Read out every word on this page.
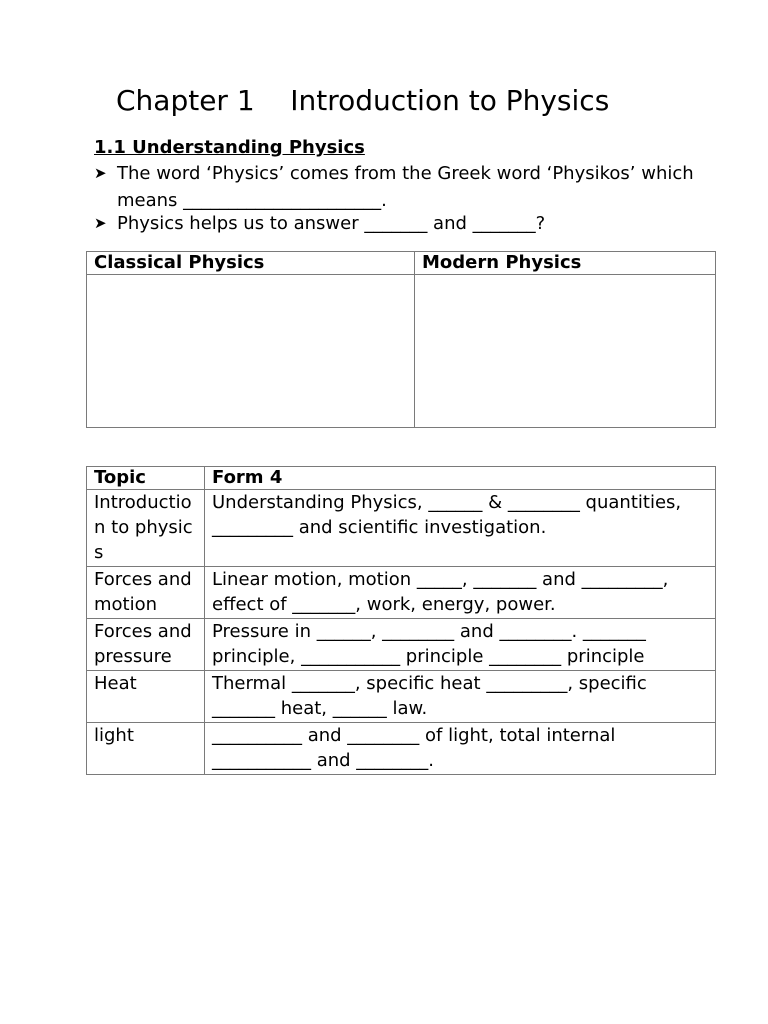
Chapter 1    Introduction to Physics
1.1 Understanding Physics
➤ The word ‘Physics’ comes from the Greek word ‘Physikos’ which means ______________________.
➤ Physics helps us to answer _______ and _______?
Classical Physics	Modern Physics

Topic	Form 4
Introduction to physics	Understanding Physics, ______ & ________ quantities, _________ and scientific investigation.
Forces and motion	Linear motion, motion _____, _______ and _________, effect of _______, work, energy, power.
Forces and pressure	Pressure in ______, ________ and ________. _______ principle, ___________ principle ________ principle
Heat	Thermal _______, specific heat _________, specific _______ heat, ______ law.
light	__________ and ________ of light, total internal ___________ and ________.
